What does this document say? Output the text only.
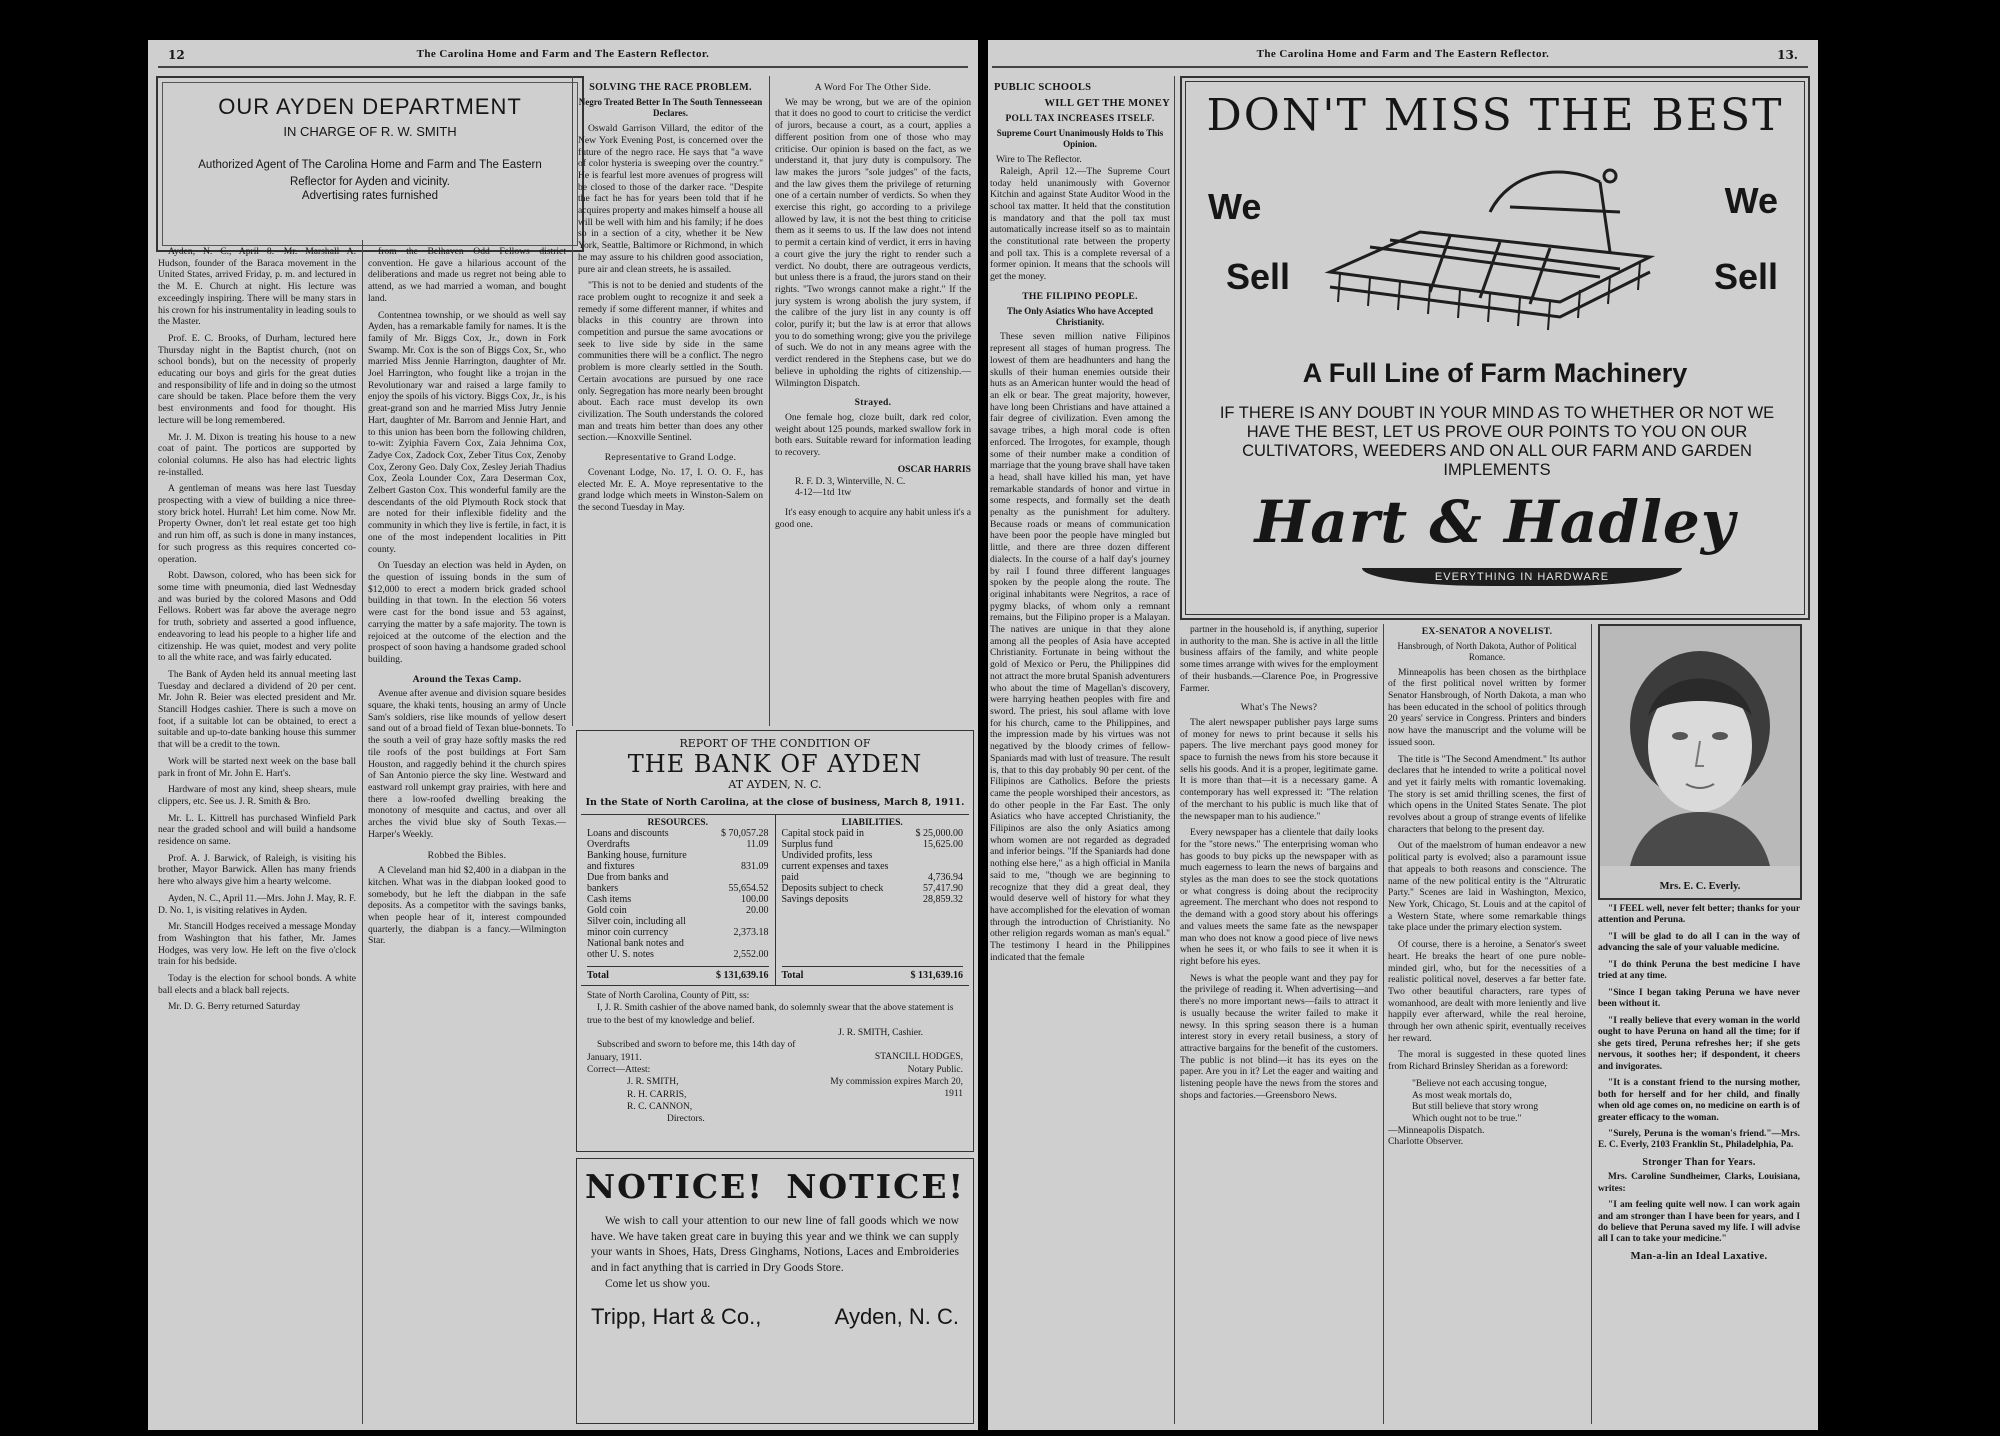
12	The Carolina Home and Farm and The Eastern Reflector.
OUR AYDEN DEPARTMENT
IN CHARGE OF R. W. SMITH
Authorized Agent of The Carolina Home and Farm and The Eastern Reflector for Ayden and vicinity.
Advertising rates furnished

Ayden, N. C., April 8.—Mr. Marshall A. Hudson, founder of the Baraca movement in the United States, arrived Friday, p. m. and lectured in the M. E. Church at night. His lecture was exceedingly inspiring. There will be many stars in his crown for his instrumentality in leading souls to the Master.

Prof. E. C. Brooks, of Durham, lectured here Thursday night in the Baptist church, (not on school bonds), but on the necessity of properly educating our boys and girls for the great duties and responsibility of life and in doing so the utmost care should be taken. Place before them the very best environments and food for thought. His lecture will be long remembered.

Mr. J. M. Dixon is treating his house to a new coat of paint. The porticos are supported by colonial columns. He also has had electric lights re-installed.

A gentleman of means was here last Tuesday prospecting with a view of building a nice three-story brick hotel. Hurrah! Let him come. Now Mr. Property Owner, don't let real estate get too high and run him off, as such is done in many instances, for such progress as this requires concerted co-operation.

Robt. Dawson, colored, who has been sick for some time with pneumonia, died last Wednesday and was buried by the colored Masons and Odd Fellows. Robert was far above the average negro for truth, sobriety and asserted a good influence, endeavoring to lead his people to a higher life and citizenship. He was quiet, modest and very polite to all the white race, and was fairly educated.

The Bank of Ayden held its annual meeting last Tuesday and declared a dividend of 20 per cent. Mr. John R. Beier was elected president and Mr. Stancill Hodges cashier. There is such a move on foot, if a suitable lot can be obtained, to erect a suitable and up-to-date banking house this summer that will be a credit to the town.

Work will be started next week on the base ball park in front of Mr. John E. Hart's.

Hardware of most any kind, sheep shears, mule clippers, etc. See us. J. R. Smith & Bro.

Mr. L. L. Kittrell has purchased Winfield Park near the graded school and will build a handsome residence on same.

Prof. A. J. Barwick, of Raleigh, is visiting his brother, Mayor Barwick. Allen has many friends here who always give him a hearty welcome.

Ayden, N. C., April 11.—Mrs. John J. May, R. F. D. No. 1, is visiting relatives in Ayden.

Mr. Stancill Hodges received a message Monday from Washington that his father, Mr. James Hodges, was very low. He left on the five o'clock train for his bedside.

Today is the election for school bonds. A white ball elects and a black ball rejects.

Mr. D. G. Berry returned Saturday

from the Belhaven Odd Fellows district convention. He gave a hilarious account of the deliberations and made us regret not being able to attend, as we had married a woman, and bought land.

Contentnea township, or we should as well say Ayden, has a remarkable family for names. It is the family of Mr. Biggs Cox, Jr., down in Fork Swamp. Mr. Cox is the son of Biggs Cox, Sr., who married Miss Jennie Harrington, daughter of Mr. Joel Harrington, who fought like a trojan in the Revolutionary war and raised a large family to enjoy the spoils of his victory. Biggs Cox, Jr., is his great-grand son and he married Miss Jutry Jennie Hart, daughter of Mr. Barrom and Jennie Hart, and to this union has been born the following children, to-wit: Zyiphia Favern Cox, Zaia Jehnima Cox, Zadye Cox, Zadock Cox, Zeber Titus Cox, Zenoby Cox, Zerony Geo. Daly Cox, Zesley Jeriah Thadius Cox, Zeola Lounder Cox, Zara Deserman Cox, Zelbert Gaston Cox. This wonderful family are the descendants of the old Plymouth Rock stock that are noted for their inflexible fidelity and the community in which they live is fertile, in fact, it is one of the most independent localities in Pitt county.

On Tuesday an election was held in Ayden, on the question of issuing bonds in the sum of $12,000 to erect a modern brick graded school building in that town. In the election 56 voters were cast for the bond issue and 53 against, carrying the matter by a safe majority. The town is rejoiced at the outcome of the election and the prospect of soon having a handsome graded school building.

Around the Texas Camp.

Avenue after avenue and division square besides square, the khaki tents, housing an army of Uncle Sam's soldiers, rise like mounds of yellow desert sand out of a broad field of Texan blue-bonnets. To the south a veil of gray haze softly masks the red tile roofs of the post buildings at Fort Sam Houston, and raggedly behind it the church spires of San Antonio pierce the sky line. Westward and eastward roll unkempt gray prairies, with here and there a low-roofed dwelling breaking the monotony of mesquite and cactus, and over all arches the vivid blue sky of South Texas.—Harper's Weekly.

Robbed the Bibles.

A Cleveland man hid $2,400 in a diabpan in the kitchen. What was in the diabpan looked good to somebody, but he left the diabpan in the safe deposits. As a competitor with the savings banks, when people hear of it, interest compounded quarterly, the diabpan is a fancy.—Wilmington Star.

SOLVING THE RACE PROBLEM.
Negro Treated Better In The South Tennesseean Declares.

Oswald Garrison Villard, the editor of the New York Evening Post, is concerned over the future of the negro race. He says that "a wave of color hysteria is sweeping over the country." He is fearful lest more avenues of progress will be closed to those of the darker race. "Despite the fact he has for years been told that if he acquires property and makes himself a house all will be well with him and his family; if he does so in a section of a city, whether it be New York, Seattle, Baltimore or Richmond, in which he may assure to his children good association, pure air and clean streets, he is assailed.

"This is not to be denied and students of the race problem ought to recognize it and seek a remedy if some different manner, if whites and blacks in this country are thrown into competition and pursue the same avocations or seek to live side by side in the same communities there will be a conflict. The negro problem is more clearly settled in the South. Certain avocations are pursued by one race only. Segregation has more nearly been brought about. Each race must develop its own civilization. The South understands the colored man and treats him better than does any other section.—Knoxville Sentinel.

Representative to Grand Lodge.

Covenant Lodge, No. 17, I. O. O. F., has elected Mr. E. A. Moye representative to the grand lodge which meets in Winston-Salem on the second Tuesday in May.

A Word For The Other Side.

We may be wrong, but we are of the opinion that it does no good to court to criticise the verdict of jurors, because a court, as a court, applies a different position from one of those who may criticise. Our opinion is based on the fact, as we understand it, that jury duty is compulsory. The law makes the jurors "sole judges" of the facts, and the law gives them the privilege of returning one of a certain number of verdicts. So when they exercise this right, go according to a privilege allowed by law, it is not the best thing to criticise them as it seems to us. If the law does not intend to permit a certain kind of verdict, it errs in having a court give the jury the right to render such a verdict. No doubt, there are outrageous verdicts, but unless there is a fraud, the jurors stand on their rights. "Two wrongs cannot make a right." If the jury system is wrong abolish the jury system, if the calibre of the jury list in any county is off color, purify it; but the law is at error that allows you to do something wrong; give you the privilege of such. We do not in any means agree with the verdict rendered in the Stephens case, but we do believe in upholding the rights of citizenship.—Wilmington Dispatch.

Strayed.

One female hog, cloze built, dark red color, weight about 125 pounds, marked swallow fork in both ears. Suitable reward for information leading to recovery.

OSCAR HARRIS
R. F. D. 3, Winterville, N. C.
4-12—1td 1tw

It's easy enough to acquire any habit unless it's a good one.

REPORT OF THE CONDITION OF
THE BANK OF AYDEN
AT AYDEN, N. C.
In the State of North Carolina, at the close of business, March 8, 1911.
RESOURCES.
Loans and discounts	$ 70,057.28
Overdrafts	11.09
Banking house, furniture and fixtures	831.09
Due from banks and bankers	55,654.52
Cash items	100.00
Gold coin	20.00
Silver coin, including all minor coin currency	2,373.18
National bank notes and other U. S. notes	2,552.00
Total	$ 131,639.16
LIABILITIES.
Capital stock paid in	$ 25,000.00
Surplus fund	15,625.00
Undivided profits, less current expenses and taxes paid	4,736.94
Deposits subject to check	57,417.90
Savings deposits	28,859.32
Total	$ 131,639.16
State of North Carolina, County of Pitt, ss:
I, J. R. Smith cashier of the above named bank, do solemnly swear that the above statement is true to the best of my knowledge and belief.
J. R. SMITH, Cashier.
Subscribed and sworn to before me, this 14th day of January, 1911.
Correct—Attest:
J. R. SMITH,
R. H. CARRIS,
R. C. CANNON,
Directors.
STANCILL HODGES,
Notary Public.
My commission expires March 20, 1911
NOTICE! NOTICE!
We wish to call your attention to our new line of fall goods which we now have. We have taken great care in buying this year and we think we can supply your wants in Shoes, Hats, Dress Ginghams, Notions, Laces and Embroideries and in fact anything that is carried in Dry Goods Store.
Come let us show you.
Tripp, Hart & Co.,	Ayden, N. C.
The Carolina Home and Farm and The Eastern Reflector.	13.
PUBLIC SCHOOLS
WILL GET THE MONEY
POLL TAX INCREASES ITSELF.
Supreme Court Unanimously Holds to This Opinion.
Wire to The Reflector.

Raleigh, April 12.—The Supreme Court today held unanimously with Governor Kitchin and against State Auditor Wood in the school tax matter. It held that the constitution is mandatory and that the poll tax must automatically increase itself so as to maintain the constitutional rate between the property and poll tax. This is a complete reversal of a former opinion. It means that the schools will get the money.

THE FILIPINO PEOPLE.
The Only Asiatics Who have Accepted Christianity.

These seven million native Filipinos represent all stages of human progress. The lowest of them are headhunters and hang the skulls of their human enemies outside their huts as an American hunter would the head of an elk or bear. The great majority, however, have long been Christians and have attained a fair degree of civilization. Even among the savage tribes, a high moral code is often enforced. The Irrogotes, for example, though some of their number make a condition of marriage that the young brave shall have taken a head, shall have killed his man, yet have remarkable standards of honor and virtue in some respects, and formally set the death penalty as the punishment for adultery. Because roads or means of communication have been poor the people have mingled but little, and there are three dozen different dialects. In the course of a half day's journey by rail I found three different languages spoken by the people along the route. The original inhabitants were Negritos, a race of pygmy blacks, of whom only a remnant remains, but the Filipino proper is a Malayan. The natives are unique in that they alone among all the peoples of Asia have accepted Christianity. Fortunate in being without the gold of Mexico or Peru, the Philippines did not attract the more brutal Spanish adventurers who about the time of Magellan's discovery, were harrying heathen peoples with fire and sword. The priest, his soul aflame with love for his church, came to the Philippines, and the impression made by his virtues was not negatived by the bloody crimes of fellow-Spaniards mad with lust of treasure. The result is, that to this day probably 90 per cent. of the Filipinos are Catholics. Before the priests came the people worshiped their ancestors, as do other people in the Far East. The only Asiatics who have accepted Christianity, the Filipinos are also the only Asiatics among whom women are not regarded as degraded and inferior beings. "If the Spaniards had done nothing else here," as a high official in Manila said to me, "though we are beginning to recognize that they did a great deal, they would deserve well of history for what they have accomplished for the elevation of woman through the introduction of Christianity. No other religion regards woman as man's equal." The testimony I heard in the Philippines indicated that the female

DON'T MISS THE BEST
We
Sell
We
Sell
A Full Line of Farm Machinery
IF THERE IS ANY DOUBT IN YOUR MIND AS TO WHETHER OR NOT WE HAVE THE BEST, LET US PROVE OUR POINTS TO YOU ON OUR CULTIVATORS, WEEDERS AND ON ALL OUR FARM AND GARDEN IMPLEMENTS
Hart & Hadley
EVERYTHING IN HARDWARE

partner in the household is, if anything, superior in authority to the man. She is active in all the little business affairs of the family, and white people some times arrange with wives for the employment of their husbands.—Clarence Poe, in Progressive Farmer.

What's The News?

The alert newspaper publisher pays large sums of money for news to print because it sells his papers. The live merchant pays good money for space to furnish the news from his store because it sells his goods. And it is a proper, legitimate game. It is more than that—it is a necessary game. A contemporary has well expressed it: "The relation of the merchant to his public is much like that of the newspaper man to his audience."

Every newspaper has a clientele that daily looks for the "store news." The enterprising woman who has goods to buy picks up the newspaper with as much eagerness to learn the news of bargains and styles as the man does to see the stock quotations or what congress is doing about the reciprocity agreement. The merchant who does not respond to the demand with a good story about his offerings and values meets the same fate as the newspaper man who does not know a good piece of live news when he sees it, or who fails to see it when it is right before his eyes.

News is what the people want and they pay for the privilege of reading it. When advertising—and there's no more important news—fails to attract it is usually because the writer failed to make it newsy. In this spring season there is a human interest story in every retail business, a story of attractive bargains for the benefit of the customers. The public is not blind—it has its eyes on the paper. Are you in it? Let the eager and waiting and listening people have the news from the stores and shops and factories.—Greensboro News.

EX-SENATOR A NOVELIST.
Hansbrough, of North Dakota, Author of Political Romance.

Minneapolis has been chosen as the birthplace of the first political novel written by former Senator Hansbrough, of North Dakota, a man who has been educated in the school of politics through 20 years' service in Congress. Printers and binders now have the manuscript and the volume will be issued soon.

The title is "The Second Amendment." Its author declares that he intended to write a political novel and yet it fairly melts with romantic lovemaking. The story is set amid thrilling scenes, the first of which opens in the United States Senate. The plot revolves about a group of strange events of lifelike characters that belong to the present day.

Out of the maelstrom of human endeavor a new political party is evolved; also a paramount issue that appeals to both reasons and conscience. The name of the new political entity is the "Altruratic Party." Scenes are laid in Washington, Mexico, New York, Chicago, St. Louis and at the capitol of a Western State, where some remarkable things take place under the primary election system.

Of course, there is a heroine, a Senator's sweet heart. He breaks the heart of one pure noble-minded girl, who, but for the necessities of a realistic political novel, deserves a far better fate. Two other beautiful characters, rare types of womanhood, are dealt with more leniently and live happily ever afterward, while the real heroine, through her own athenic spirit, eventually receives her reward.

The moral is suggested in these quoted lines from Richard Brinsley Sheridan as a foreword:

"Believe not each accusing tongue,
As most weak mortals do,
But still believe that story wrong
Which ought not to be true."
—Minneapolis Dispatch.
Charlotte Observer.
Mrs. E. C. Everly.

"I FEEL well, never felt better; thanks for your attention and Peruna.

"I will be glad to do all I can in the way of advancing the sale of your valuable medicine.

"I do think Peruna the best medicine I have tried at any time.

"Since I began taking Peruna we have never been without it.

"I really believe that every woman in the world ought to have Peruna on hand all the time; for if she gets tired, Peruna refreshes her; if she gets nervous, it soothes her; if despondent, it cheers and invigorates.

"It is a constant friend to the nursing mother, both for herself and for her child, and finally when old age comes on, no medicine on earth is of greater efficacy to the woman.

"Surely, Peruna is the woman's friend."—Mrs. E. C. Everly, 2103 Franklin St., Philadelphia, Pa.

Stronger Than for Years.

Mrs. Caroline Sundheimer, Clarks, Louisiana, writes:

"I am feeling quite well now. I can work again and am stronger than I have been for years, and I do believe that Peruna saved my life. I will advise all I can to take your medicine."

Man-a-lin an Ideal Laxative.
